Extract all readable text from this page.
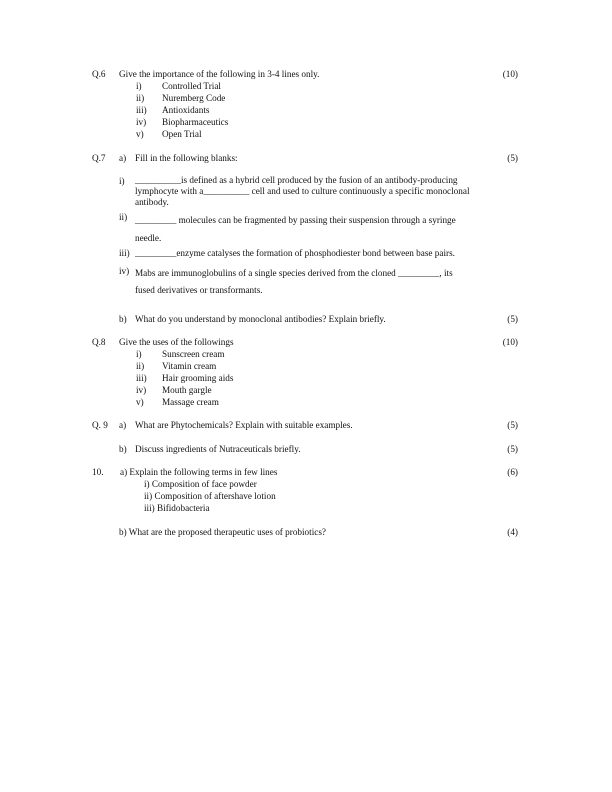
Q.6 Give the importance of the following in 3-4 lines only.	(10)
i) Controlled Trial
ii) Nuremberg Code
iii) Antioxidants
iv) Biopharmaceutics
v) Open Trial
Q.7 a) Fill in the following blanks:	(5)
i) __________is defined as a hybrid cell produced by the fusion of an antibody-producing
lymphocyte with a__________ cell and used to culture continuously a specific monoclonal
antibody.
ii) _________ molecules can be fragmented by passing their suspension through a syringe
needle.
iii) _________enzyme catalyses the formation of phosphodiester bond between base pairs.
iv) Mabs are immunoglobulins of a single species derived from the cloned _________, its
fused derivatives or transformants.
b) What do you understand by monoclonal antibodies? Explain briefly.	(5)
Q.8 Give the uses of the followings	(10)
i) Sunscreen cream
ii) Vitamin cream
iii) Hair grooming aids
iv) Mouth gargle
v) Massage cream
Q. 9 a) What are Phytochemicals? Explain with suitable examples.	(5)
b) Discuss ingredients of Nutraceuticals briefly.	(5)
10. a) Explain the following terms in few lines	(6)
i) Composition of face powder
ii) Composition of aftershave lotion
iii) Bifidobacteria
b) What are the proposed therapeutic uses of probiotics?	(4)
